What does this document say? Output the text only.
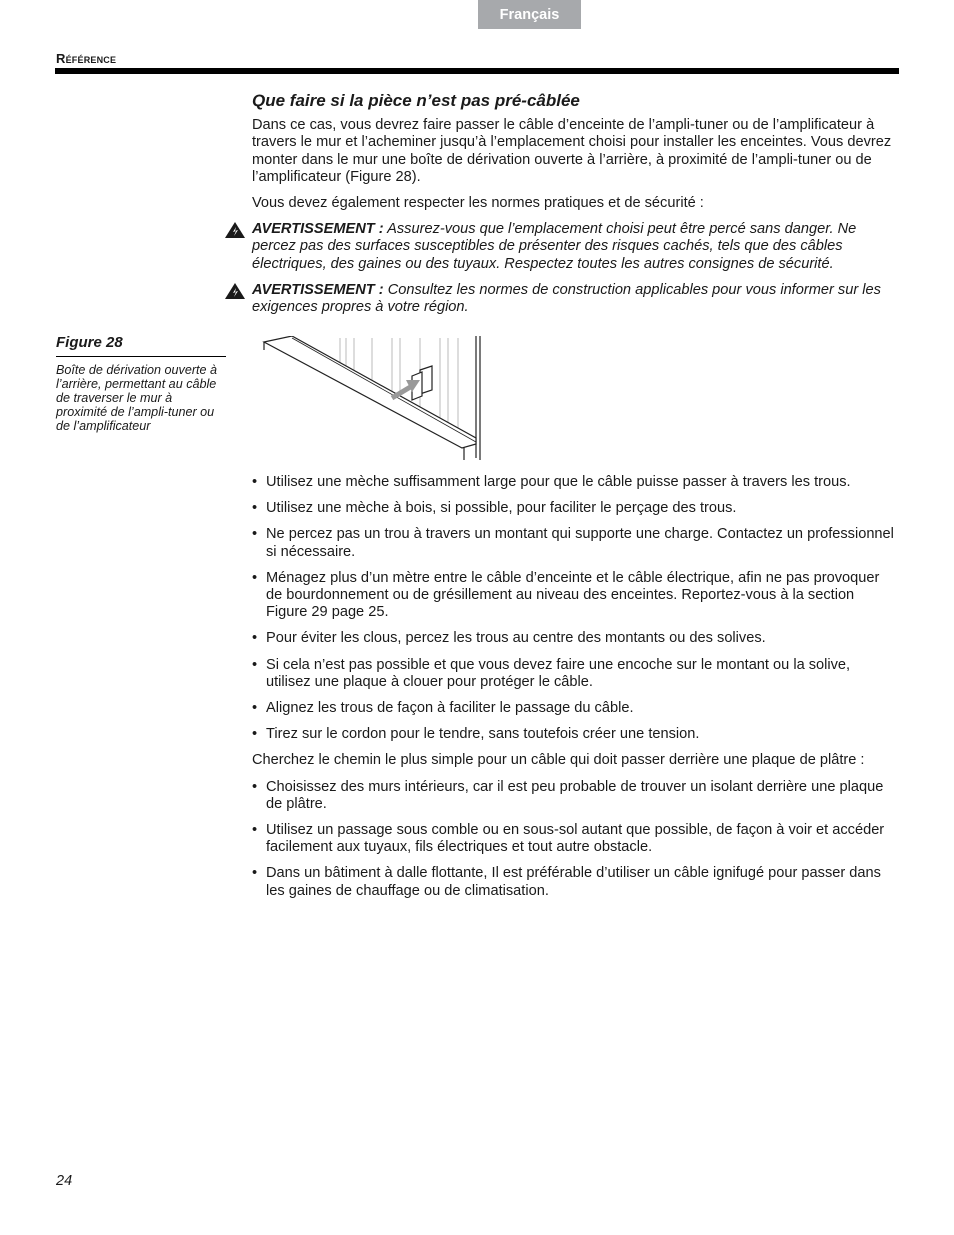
Français
Référence
Que faire si la pièce n’est pas pré-câblée

Dans ce cas, vous devrez faire passer le câble d’enceinte de l’ampli-tuner ou de l’amplificateur à travers le mur et l’acheminer jusqu’à l’emplacement choisi pour installer les enceintes. Vous devrez monter dans le mur une boîte de dérivation ouverte à l’arrière, à proximité de l’ampli-tuner ou de l’amplificateur (Figure 28).

Vous devez également respecter les normes pratiques et de sécurité :

AVERTISSEMENT : Assurez-vous que l’emplacement choisi peut être percé sans danger. Ne percez pas des surfaces susceptibles de présenter des risques cachés, tels que des câbles électriques, des gaines ou des tuyaux. Respectez toutes les autres consignes de sécurité.
AVERTISSEMENT : Consultez les normes de construction applicables pour vous informer sur les exigences propres à votre région.
Figure 28
Boîte de dérivation ouverte à l’arrière, permettant au câble de traverser le mur à proximité de l’ampli-tuner ou de l’amplificateur
• Utilisez une mèche suffisamment large pour que le câble puisse passer à travers les trous.
• Utilisez une mèche à bois, si possible, pour faciliter le perçage des trous.
• Ne percez pas un trou à travers un montant qui supporte une charge. Contactez un professionnel si nécessaire.
• Ménagez plus d’un mètre entre le câble d’enceinte et le câble électrique, afin ne pas provoquer de bourdonnement ou de grésillement au niveau des enceintes. Reportez-vous à la section Figure 29 page 25.
• Pour éviter les clous, percez les trous au centre des montants ou des solives.
• Si cela n’est pas possible et que vous devez faire une encoche sur le montant ou la solive, utilisez une plaque à clouer pour protéger le câble.
• Alignez les trous de façon à faciliter le passage du câble.
• Tirez sur le cordon pour le tendre, sans toutefois créer une tension.

Cherchez le chemin le plus simple pour un câble qui doit passer derrière une plaque de plâtre :

• Choisissez des murs intérieurs, car il est peu probable de trouver un isolant derrière une plaque de plâtre.
• Utilisez un passage sous comble ou en sous-sol autant que possible, de façon à voir et accéder facilement aux tuyaux, fils électriques et tout autre obstacle.
• Dans un bâtiment à dalle flottante, Il est préférable d’utiliser un câble ignifugé pour passer dans les gaines de chauffage ou de climatisation.
24
